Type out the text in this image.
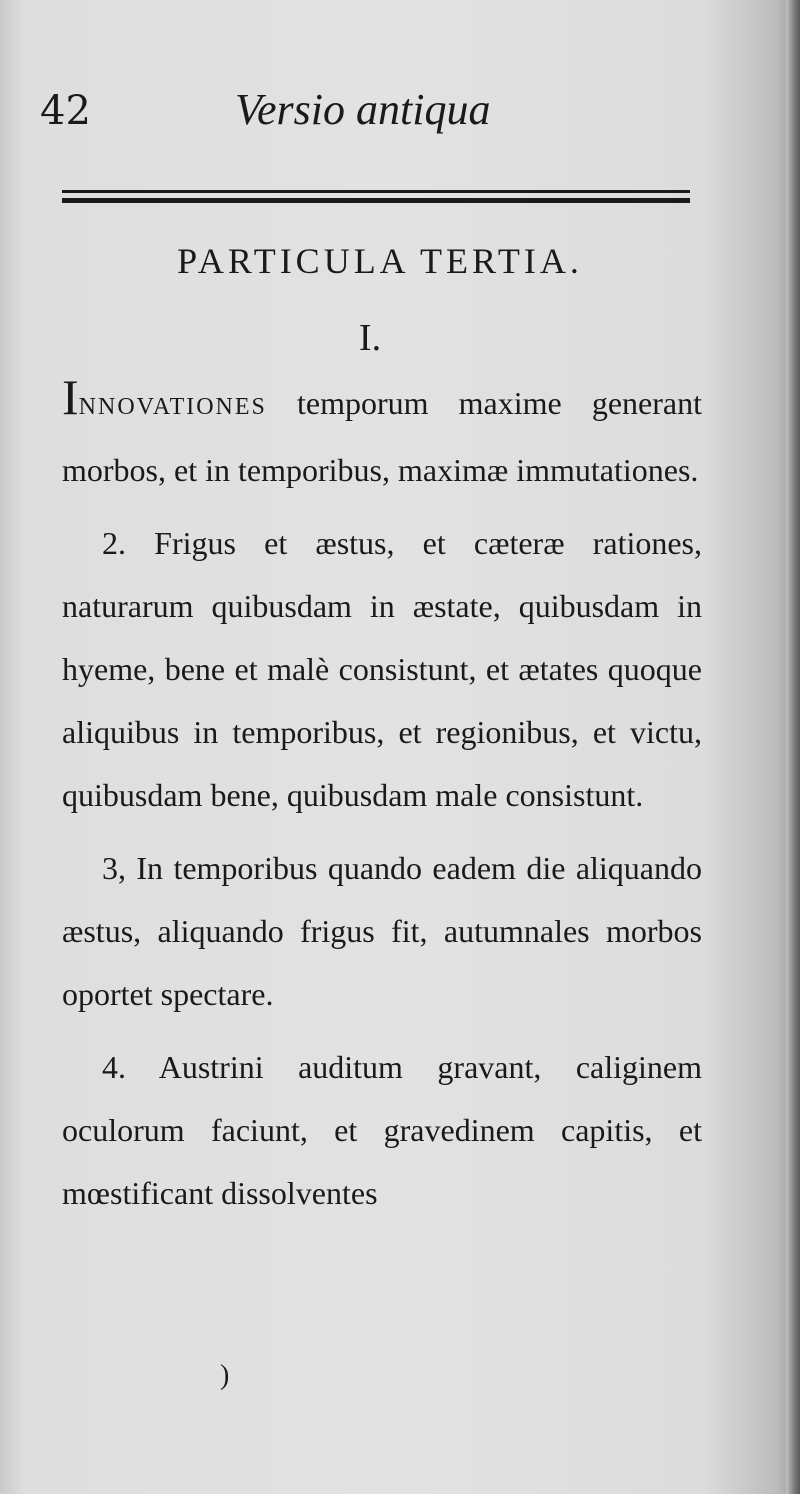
42	Versio antiqua
PARTICULA TERTIA.
I.

INNOVATIONES temporum maxime generant morbos, et in temporibus, maximæ immutationes.

2. Frigus et æstus, et cæteræ rationes, naturarum quibusdam in æstate, quibusdam in hyeme, bene et malè consistunt, et ætates quoque aliquibus in temporibus, et regionibus, et victu, quibusdam bene, quibusdam male consistunt.

3, In temporibus quando eadem die aliquando æstus, aliquando frigus fit, autumnales morbos oportet spectare.

4. Austrini auditum gravant, caliginem oculorum faciunt, et gravedinem capitis, et mœstificant dissolventes

)
